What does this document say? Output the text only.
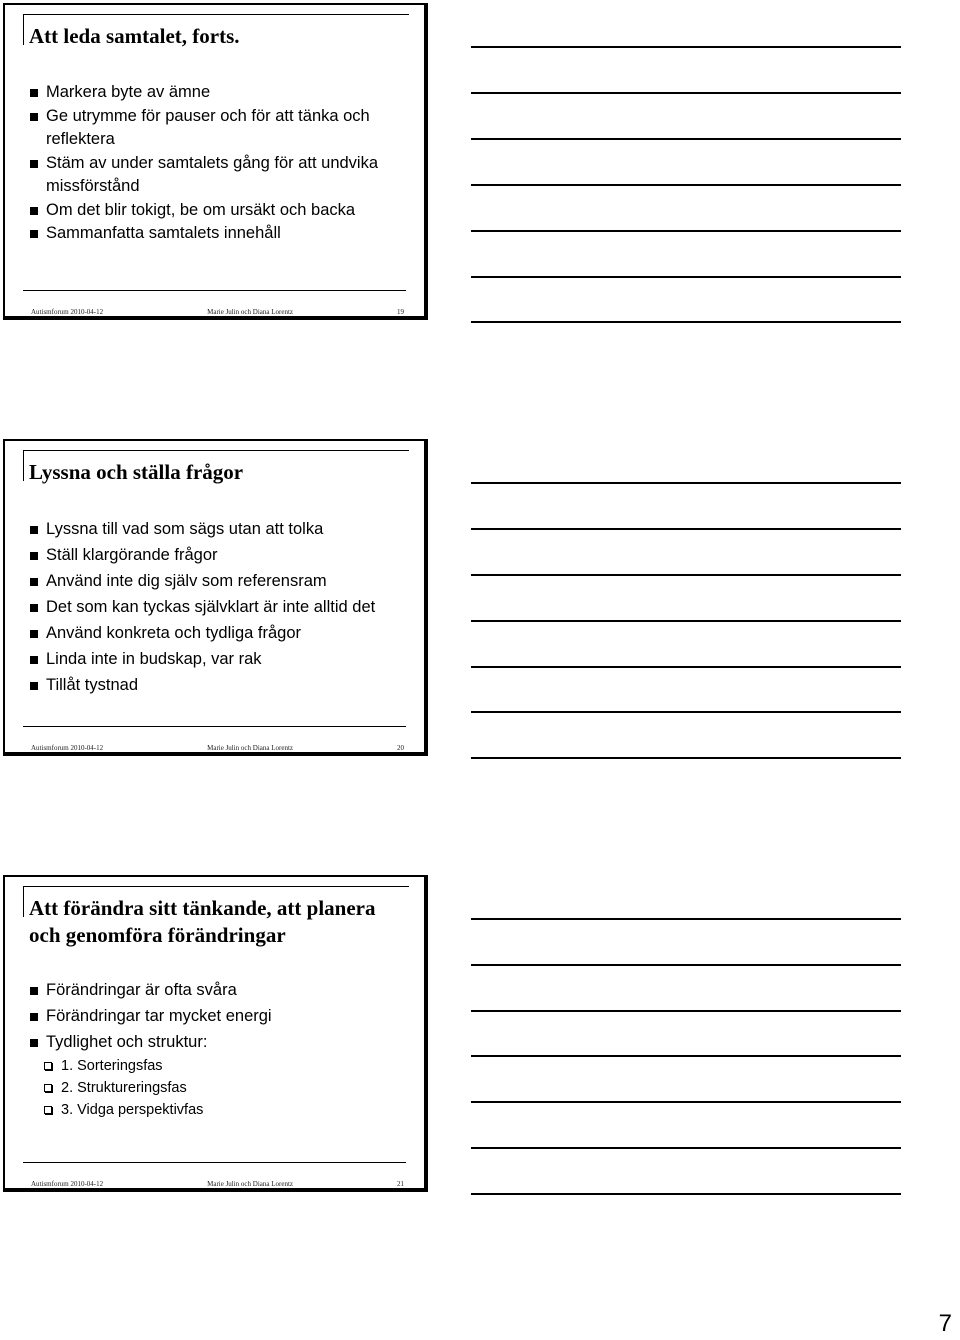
Att leda samtalet, forts.
Markera byte av ämne
Ge utrymme för pauser och för att tänka och reflektera
Stäm av under samtalets gång för att undvika missförstånd
Om det blir tokigt, be om ursäkt och backa
Sammanfatta samtalets innehåll
Autismforum 2010-04-12	Marie Julin och Diana Lorentz	19
Lyssna och ställa frågor
Lyssna till vad som sägs utan att tolka
Ställ klargörande frågor
Använd inte dig själv som referensram
Det som kan tyckas självklart är inte alltid det
Använd konkreta och tydliga frågor
Linda inte in budskap, var rak
Tillåt tystnad
Autismforum 2010-04-12	Marie Julin och Diana Lorentz	20
Att förändra sitt tänkande, att planera och genomföra förändringar
Förändringar är ofta svåra
Förändringar tar mycket energi
Tydlighet och struktur:
1. Sorteringsfas
2. Struktureringsfas
3. Vidga perspektivfas
Autismforum 2010-04-12	Marie Julin och Diana Lorentz	21
7
